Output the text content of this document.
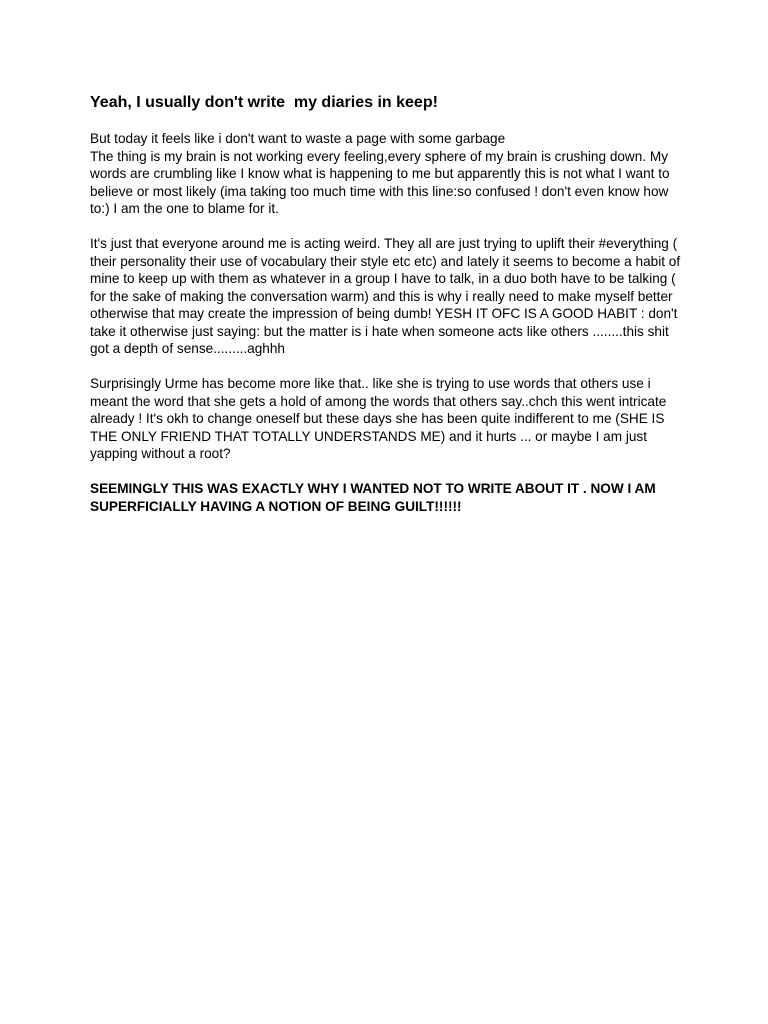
Yeah, I usually don't write  my diaries in keep!
But today it feels like i don't want to waste a page with some garbage
The thing is my brain is not working every feeling,every sphere of my brain is crushing down. My words are crumbling like I know what is happening to me but apparently this is not what I want to believe or most likely (ima taking too much time with this line:so confused ! don't even know how to:) I am the one to blame for it.
It's just that everyone around me is acting weird. They all are just trying to uplift their #everything ( their personality their use of vocabulary their style etc etc) and lately it seems to become a habit of mine to keep up with them as whatever in a group I have to talk, in a duo both have to be talking ( for the sake of making the conversation warm) and this is why i really need to make myself better otherwise that may create the impression of being dumb! YESH IT OFC IS A GOOD HABIT : don't take it otherwise just saying: but the matter is i hate when someone acts like others ........this shit got a depth of sense.........aghhh
Surprisingly Urme has become more like that.. like she is trying to use words that others use i meant the word that she gets a hold of among the words that others say..chch this went intricate already ! It's okh to change oneself but these days she has been quite indifferent to me (SHE IS THE ONLY FRIEND THAT TOTALLY UNDERSTANDS ME) and it hurts ... or maybe I am just yapping without a root?
SEEMINGLY THIS WAS EXACTLY WHY I WANTED NOT TO WRITE ABOUT IT . NOW I AM SUPERFICIALLY HAVING A NOTION OF BEING GUILT!!!!!!
